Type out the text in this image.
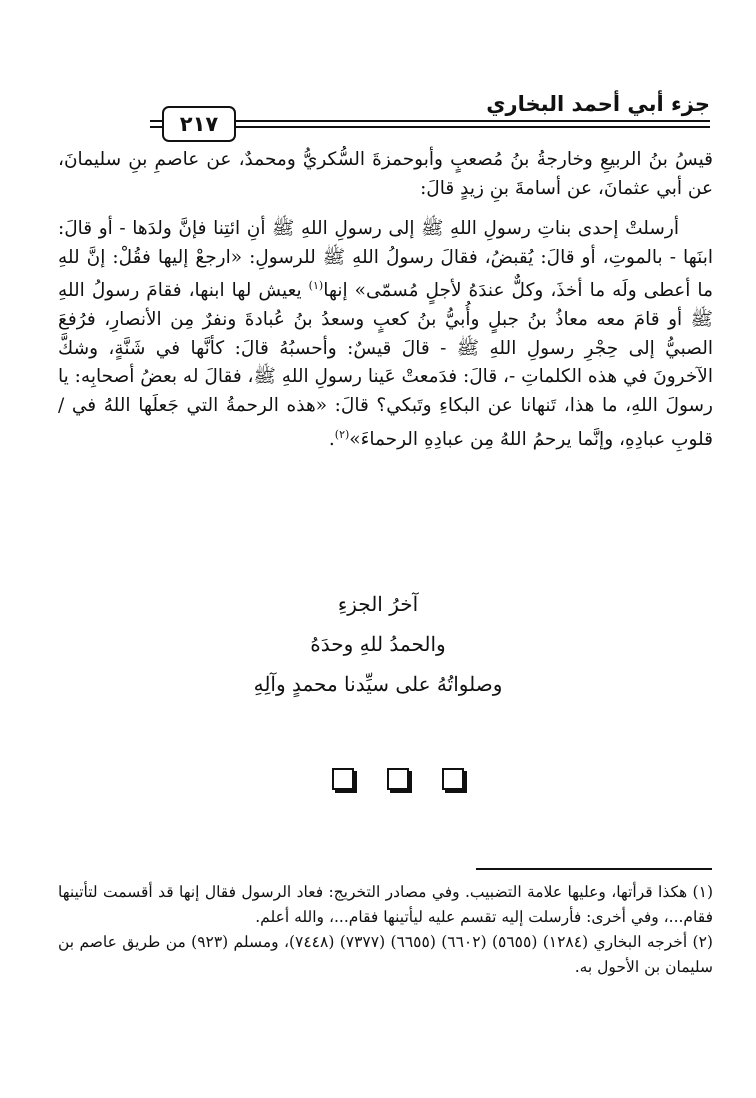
جزء أبي أحمد البخاري
٢١٧

قيسُ بنُ الربيعِ وخارجةُ بنُ مُصعبٍ وأبوحمزةَ السُّكريُّ ومحمدٌ، عن عاصمِ بنِ سليمانَ، عن أبي عثمانَ، عن أسامةَ بنِ زيدٍ قالَ:

أرسلتْ إحدى بناتِ رسولِ اللهِ ﷺ إلى رسولِ اللهِ ﷺ أنِ ائتِنا فإنَّ ولدَها - أو قالَ: ابنَها - بالموتِ، أو قالَ: يُقبضُ، فقالَ رسولُ اللهِ ﷺ للرسولِ: «ارجعْ إليها فقُلْ: إنَّ للهِ ما أعطى ولَه ما أخذَ، وكلٌّ عندَهُ لأجلٍ مُسمّى» إنها$^{(١)}$ يعيش لها ابنها، فقامَ رسولُ اللهِ ﷺ أو قامَ معه معاذُ بنُ جبلٍ وأُبيُّ بنُ كعبٍ وسعدُ بنُ عُبادةَ ونفرٌ مِن الأنصارِ، فرُفعَ الصبيُّ إلى حِجْرِ رسولِ اللهِ ﷺ - قالَ قيسٌ: وأحسبُهُ قالَ: كأنَّها في شَنَّةٍ، وشكَّ الآخرونَ في هذه الكلماتِ -، قالَ: فدَمعتْ عَينا رسولِ اللهِ ﷺ، فقالَ له بعضُ أصحابِه: يا رسولَ اللهِ، ما هذا، تَنهانا عن البكاءِ وتَبكي؟ قالَ: «هذه الرحمةُ التي جَعلَها اللهُ في / قلوبِ عبادِهِ، وإنَّما يرحمُ اللهُ مِن عبادِهِ الرحماءَ»$^{(٢)}$.

آخرُ الجزءِ
والحمدُ للهِ وحدَهُ
وصلواتُهُ على سيِّدنا محمدٍ وآلِهِ

(١) هكذا قرأتها، وعليها علامة التضبيب. وفي مصادر التخريج: فعاد الرسول فقال إنها قد أقسمت لتأتينها فقام...، وفي أخرى: فأرسلت إليه تقسم عليه ليأتينها فقام...، والله أعلم.

(٢) أخرجه البخاري (١٢٨٤) (٥٦٥٥) (٦٦٠٢) (٦٦٥٥) (٧٣٧٧) (٧٤٤٨)، ومسلم (٩٢٣) من طريق عاصم بن سليمان بن الأحول به.
